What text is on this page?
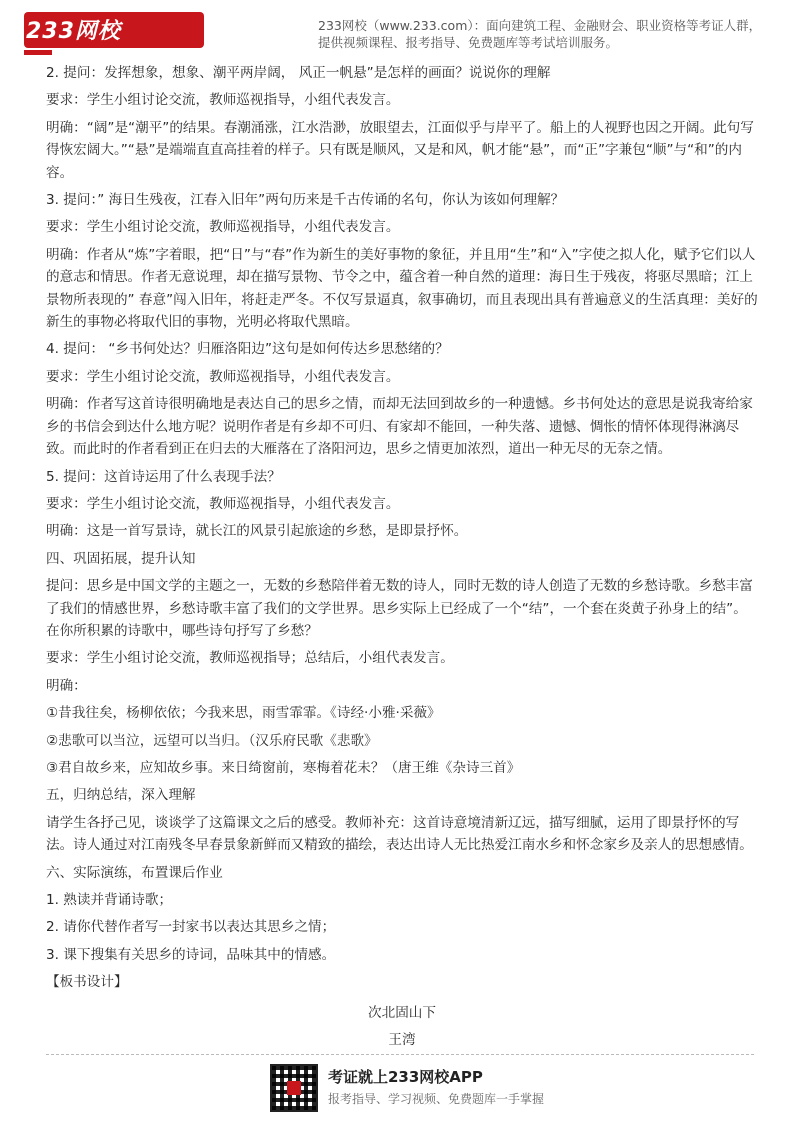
233网校	233网校（www.233.com）：面向建筑工程、金融财会、职业资格等考证人群，
提供视频课程、报考指导、免费题库等考试培训服务。

2. 提问：发挥想象，想象、潮平两岸阔， 风正一帆悬”是怎样的画面？说说你的理解

要求：学生小组讨论交流，教师巡视指导，小组代表发言。

明确：“阔”是“潮平”的结果。春潮涌涨，江水浩渺，放眼望去，江面似乎与岸平了。船上的人视野也因之开阔。此句写得恢宏阔大。”“悬”是端端直直高挂着的样子。只有既是顺风，又是和风，帆才能“悬”，而“正”字兼包“顺”与“和”的内容。

3. 提问：” 海日生残夜，江春入旧年”两句历来是千古传诵的名句，你认为该如何理解？

要求：学生小组讨论交流，教师巡视指导，小组代表发言。

明确：作者从“炼”字着眼，把“日”与“春”作为新生的美好事物的象征，并且用“生”和“入”字使之拟人化，赋予它们以人的意志和情思。作者无意说理，却在描写景物、节令之中，蕴含着一种自然的道理：海日生于残夜，将驱尽黑暗；江上景物所表现的” 春意”闯入旧年，将赶走严冬。不仅写景逼真，叙事确切，而且表现出具有普遍意义的生活真理：美好的新生的事物必将取代旧的事物，光明必将取代黑暗。

4. 提问： “乡书何处达？归雁洛阳边”这句是如何传达乡思愁绪的？

要求：学生小组讨论交流，教师巡视指导，小组代表发言。

明确：作者写这首诗很明确地是表达自己的思乡之情，而却无法回到故乡的一种遗憾。乡书何处达的意思是说我寄给家乡的书信会到达什么地方呢？说明作者是有乡却不可归、有家却不能回，一种失落、遗憾、惆怅的情怀体现得淋漓尽致。而此时的作者看到正在归去的大雁落在了洛阳河边，思乡之情更加浓烈，道出一种无尽的无奈之情。

5. 提问：这首诗运用了什么表现手法？

要求：学生小组讨论交流，教师巡视指导，小组代表发言。

明确：这是一首写景诗，就长江的风景引起旅途的乡愁，是即景抒怀。

四、巩固拓展，提升认知

提问：思乡是中国文学的主题之一，无数的乡愁陪伴着无数的诗人，同时无数的诗人创造了无数的乡愁诗歌。乡愁丰富了我们的情感世界，乡愁诗歌丰富了我们的文学世界。思乡实际上已经成了一个“结”，一个套在炎黄子孙身上的结”。 在你所积累的诗歌中，哪些诗句抒写了乡愁？

要求：学生小组讨论交流，教师巡视指导；总结后，小组代表发言。

明确：

①昔我往矣，杨柳依依；今我来思，雨雪霏霏。《诗经·小雅·采薇》

②悲歌可以当泣，远望可以当归。（汉乐府民歌《悲歌》

③君自故乡来，应知故乡事。来日绮窗前，寒梅着花未？（唐王维《杂诗三首》

五，归纳总结，深入理解

请学生各抒己见，谈谈学了这篇课文之后的感受。教师补充：这首诗意境清新辽远，描写细腻，运用了即景抒怀的写法。诗人通过对江南残冬早春景象新鲜而又精致的描绘，表达出诗人无比热爱江南水乡和怀念家乡及亲人的思想感情。

六、实际演练，布置课后作业

1. 熟读并背诵诗歌；

2. 请你代替作者写一封家书以表达其思乡之情；

3. 课下搜集有关思乡的诗词，品味其中的情感。

【板书设计】

次北固山下

王湾

考证就上233网校APP
报考指导、学习视频、免费题库一手掌握
